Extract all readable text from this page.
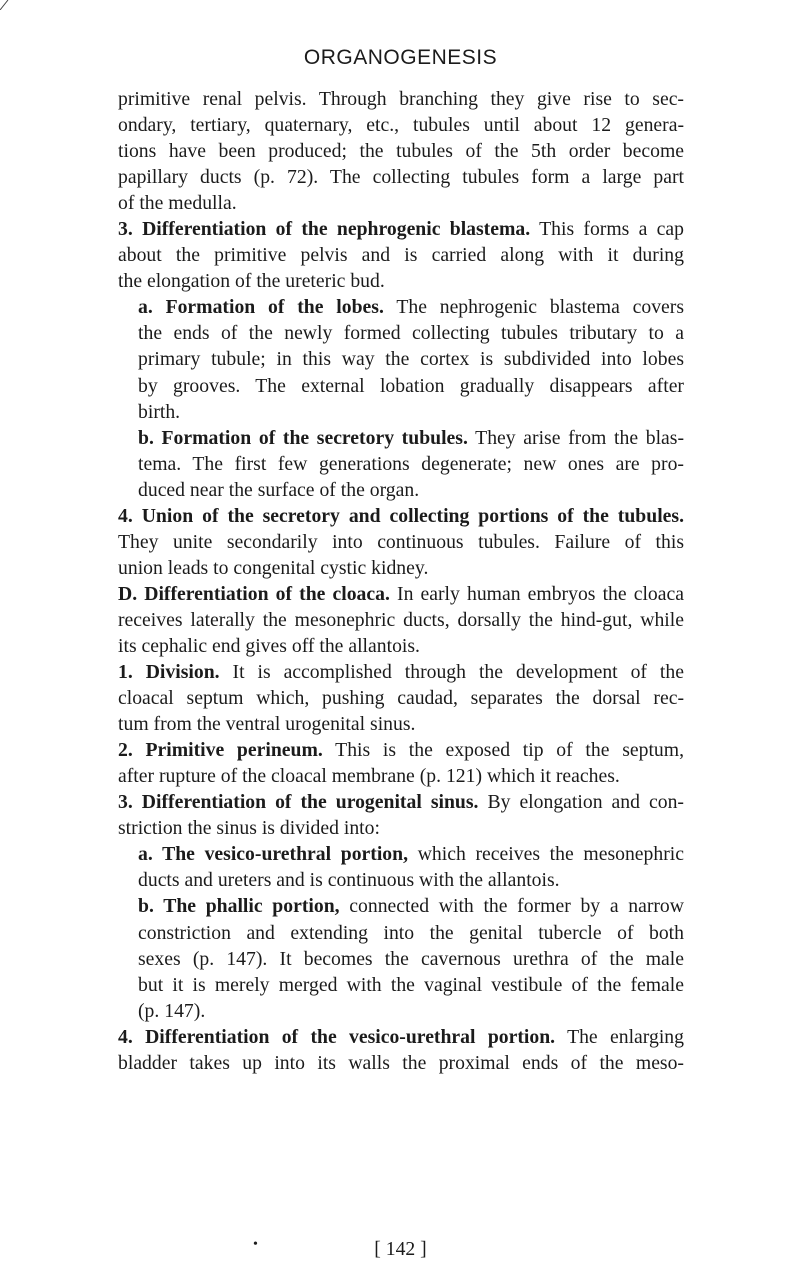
ORGANOGENESIS
primitive renal pelvis. Through branching they give rise to sec-
ondary, tertiary, quaternary, etc., tubules until about 12 genera-
tions have been produced; the tubules of the 5th order become
papillary ducts (p. 72). The collecting tubules form a large part
of the medulla.
3. Differentiation of the nephrogenic blastema. This forms a cap
about the primitive pelvis and is carried along with it during
the elongation of the ureteric bud.
a. Formation of the lobes. The nephrogenic blastema covers
the ends of the newly formed collecting tubules tributary to a
primary tubule; in this way the cortex is subdivided into lobes
by grooves. The external lobation gradually disappears after
birth.
b. Formation of the secretory tubules. They arise from the blas-
tema. The first few generations degenerate; new ones are pro-
duced near the surface of the organ.
4. Union of the secretory and collecting portions of the tubules.
They unite secondarily into continuous tubules. Failure of this
union leads to congenital cystic kidney.
D. Differentiation of the cloaca. In early human embryos the cloaca
receives laterally the mesonephric ducts, dorsally the hind-gut, while
its cephalic end gives off the allantois.
1. Division. It is accomplished through the development of the
cloacal septum which, pushing caudad, separates the dorsal rec-
tum from the ventral urogenital sinus.
2. Primitive perineum. This is the exposed tip of the septum,
after rupture of the cloacal membrane (p. 121) which it reaches.
3. Differentiation of the urogenital sinus. By elongation and con-
striction the sinus is divided into:
a. The vesico-urethral portion, which receives the mesonephric
ducts and ureters and is continuous with the allantois.
b. The phallic portion, connected with the former by a narrow
constriction and extending into the genital tubercle of both
sexes (p. 147). It becomes the cavernous urethra of the male
but it is merely merged with the vaginal vestibule of the female
(p. 147).
4. Differentiation of the vesico-urethral portion. The enlarging
bladder takes up into its walls the proximal ends of the meso-
•	[ 142 ]
